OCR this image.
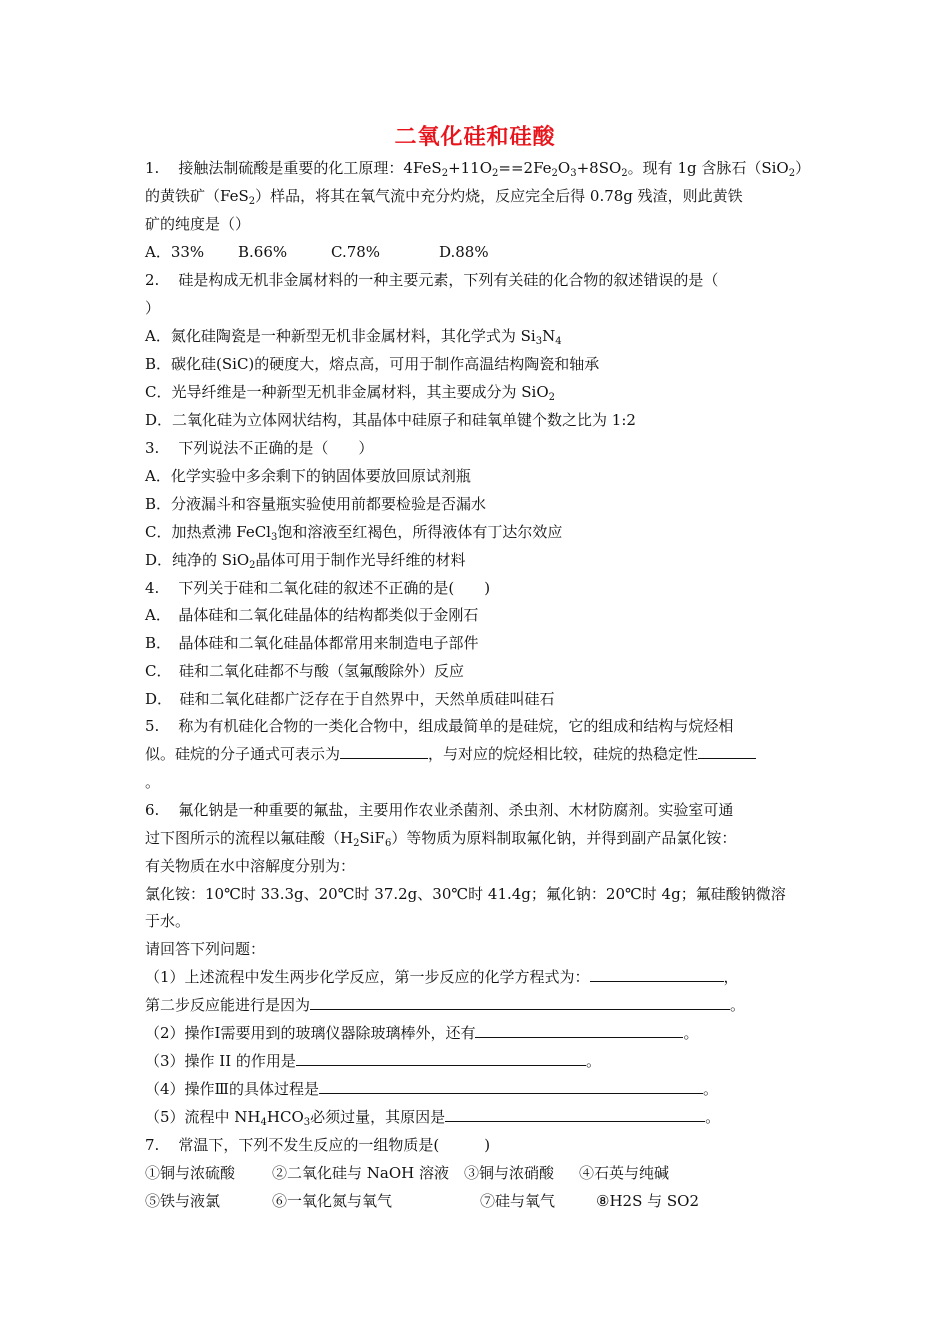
二氧化硅和硅酸
1. 接触法制硫酸是重要的化工原理：$4FeS_2+11O_2==2Fe_2O_3+8SO_2$。现有 1g 含脉石（SiO$_2$）
的黄铁矿（FeS$_2$）样品，将其在氧气流中充分灼烧，反应完全后得 0.78g 残渣，则此黄铁
矿的纯度是（）
A．33% B.66%	C.78%	D.88%
2. 硅是构成无机非金属材料的一种主要元素，下列有关硅的化合物的叙述错误的是（
）
A．氮化硅陶瓷是一种新型无机非金属材料，其化学式为 $Si_3N_4$
B．碳化硅(SiC)的硬度大，熔点高，可用于制作高温结构陶瓷和轴承
C．光导纤维是一种新型无机非金属材料，其主要成分为 SiO$_2$
D．二氧化硅为立体网状结构，其晶体中硅原子和硅氧单键个数之比为 1:2
3. 下列说法不正确的是（　　）
A．化学实验中多余剩下的钠固体要放回原试剂瓶
B．分液漏斗和容量瓶实验使用前都要检验是否漏水
C．加热煮沸 FeCl$_3$饱和溶液至红褐色，所得液体有丁达尔效应
D．纯净的 SiO$_2$晶体可用于制作光导纤维的材料
4. 下列关于硅和二氧化硅的叙述不正确的是(　　)
A．　晶体硅和二氧化硅晶体的结构都类似于金刚石
B．　晶体硅和二氧化硅晶体都常用来制造电子部件
C．　硅和二氧化硅都不与酸（氢氟酸除外）反应
D．　硅和二氧化硅都广泛存在于自然界中，天然单质硅叫硅石
5. 称为有机硅化合物的一类化合物中，组成最简单的是硅烷，它的组成和结构与烷烃相
似。硅烷的分子通式可表示为	，与对应的烷烃相比较，硅烷的热稳定性
。
6. 氟化钠是一种重要的氟盐，主要用作农业杀菌剂、杀虫剂、木材防腐剂。实验室可通
过下图所示的流程以氟硅酸$(H_2SiF_6)$等物质为原料制取氟化钠，并得到副产品氯化铵：
有关物质在水中溶解度分别为：
氯化铵：10℃时 33.3g、20℃时 37.2g、30℃时 41.4g；氟化钠：20℃时 4g；氟硅酸钠微溶
于水。
请回答下列问题：
（1）上述流程中发生两步化学反应，第一步反应的化学方程式为：	，
第二步反应能进行是因为	。
（2）操作Ⅰ需要用到的玻璃仪器除玻璃棒外，还有	。
（3）操作 II 的作用是	。
（4）操作Ⅲ的具体过程是	。
（5）流程中 $NH_4HCO_3$必须过量，其原因是	。
7. 常温下，下列不发生反应的一组物质是(　　　)
①铜与浓硫酸 ②二氧化硅与 NaOH 溶液 ③铜与浓硝酸 ④石英与纯碱
⑤铁与液氯	⑥一氧化氮与氧气	⑦硅与氧气	⑧H2S 与 SO2
